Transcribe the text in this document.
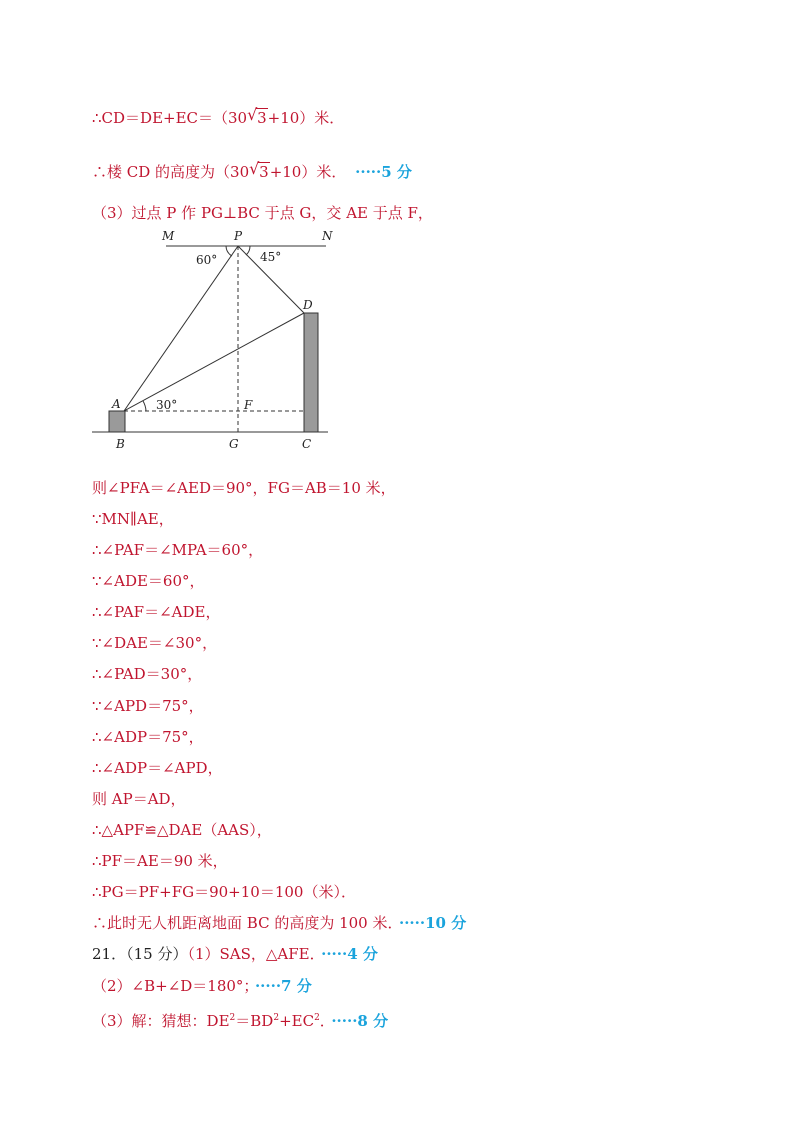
∴CD＝DE+EC＝（30 √ 3+10）米．
∴楼 CD 的高度为（30 √ 3+10）米． ·····5 分
（3）过点 P 作 PG⊥BC 于点 G，交 AE 于点 F，
M	P	N
60°	45°
D
A	30°	F
B	G	C
则∠PFA＝∠AED＝90°，FG＝AB＝10 米，
∵MN∥AE，
∴∠PAF＝∠MPA＝60°，
∵∠ADE＝60°，
∴∠PAF＝∠ADE，
∵∠DAE＝∠30°，
∴∠PAD＝30°，
∵∠APD＝75°，
∴∠ADP＝75°，
∴∠ADP＝∠APD，
则 AP＝AD，
∴△APF≌△DAE（AAS），
∴PF＝AE＝90 米，
∴PG＝PF+FG＝90+10＝100（米）．
∴此时无人机距离地面 BC 的高度为 100 米． ·····10 分
21．（15 分）（1）SAS，△AFE． ·····4 分
（2）∠B+∠D＝180°； ·····7 分
（3）解：猜想：$DE^2=BD^2+EC^2$． ·····8 分
